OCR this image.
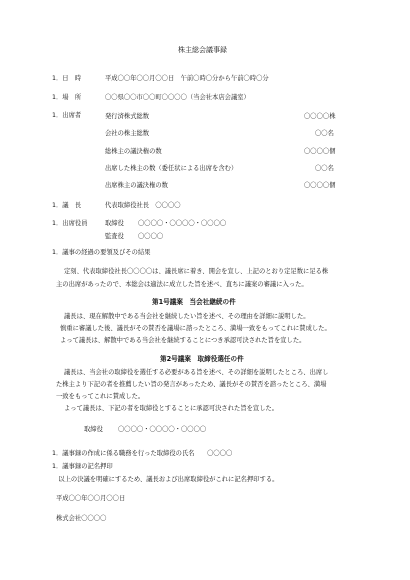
株主総会議事録
1．日　時	平成〇〇年〇〇月〇〇日　午前〇時〇分から午前〇時〇分
1．場　所	〇〇県〇〇市〇〇町〇〇〇〇（当会社本店会議室）
1．出席者	発行済株式総数	〇〇〇〇株
会社の株主総数	〇〇名
総株主の議決権の数	〇〇〇〇個
出席した株主の数（委任状による出席を含む）	〇〇名
出席株主の議決権の数	〇〇〇〇個
1．議　長	代表取締役社長　〇〇〇〇
1．出席役員	取締役 〇〇〇〇・〇〇〇〇・〇〇〇〇
監査役 〇〇〇〇
1．議事の経過の要領及びその結果
定刻、代表取締役社長〇〇〇〇は、議長席に着き、開会を宣し、上記のとおり定足数に足る株
主の出席があったので、本総会は適法に成立した旨を述べ、直ちに議案の審議に入った。
第1号議案　当会社継続の件
議長は、現在解散中である当会社を継続したい旨を述べ、その理由を詳細に説明した。
慎重に審議した後、議長がその賛否を議場に諮ったところ、満場一致をもってこれに賛成した。
よって議長は、解散中である当会社を継続することにつき承認可決された旨を宣した。
第2号議案　取締役選任の件
議長は、当会社の取締役を選任する必要がある旨を述べ、その詳細を説明したところ、出席し
た株主より下記の者を推薦したい旨の発言があったため、議長がその賛否を諮ったところ、満場
一致をもってこれに賛成した。
よって議長は、下記の者を取締役とすることに承認可決された旨を宣した。
取締役 〇〇〇〇・〇〇〇〇・〇〇〇〇
1．議事録の作成に係る職務を行った取締役の氏名　　〇〇〇〇
1．議事録の記名押印
　以上の決議を明確にするため、議長および出席取締役がこれに記名押印する。
平成〇〇年〇〇月〇〇日
株式会社〇〇〇〇
